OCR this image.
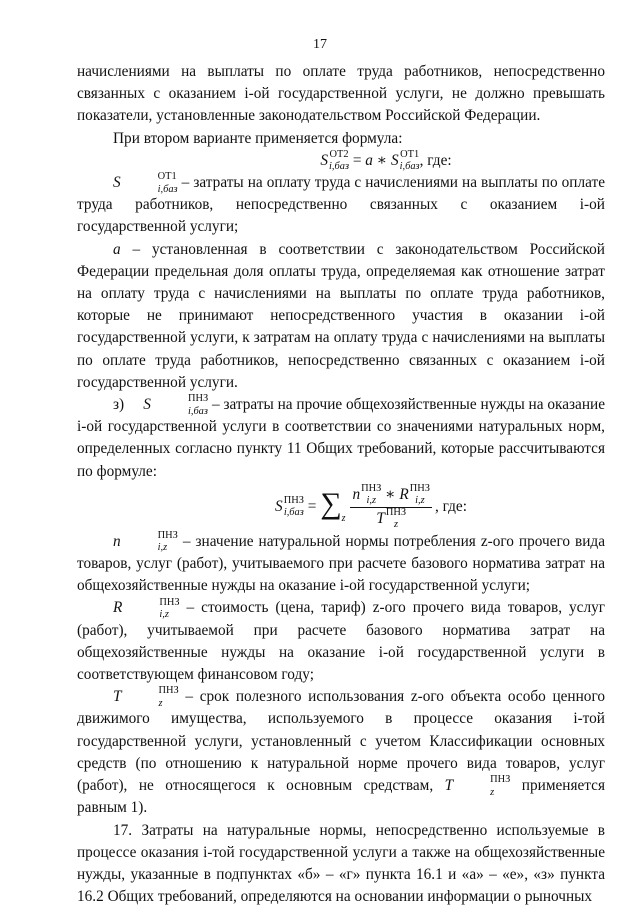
17

начислениями на выплаты по оплате труда работников, непосредственно связанных с оказанием i-ой государственной услуги, не должно превышать показатели, установленные законодательством Российской Федерации.

При втором варианте применяется формула:

S ОТ2
i,баз = a ∗ S ОТ1
i,баз , где:

S	ОТ1
i,баз – затраты на оплату труда с начислениями на выплаты по оплате труда работников, непосредственно связанных с оказанием i-ой государственной услуги;

a – установленная в соответствии с законодательством Российской Федерации предельная доля оплаты труда, определяемая как отношение затрат на оплату труда с начислениями на выплаты по оплате труда работников, которые не принимают непосредственного участия в оказании i-ой государственной услуги, к затратам на оплату труда с начислениями на выплаты по оплате труда работников, непосредственно связанных с оказанием i-ой государственной услуги.

з) S	ПНЗ
i,баз – затраты на прочие общехозяйственные нужды на оказание i-ой государственной услуги в соответствии со значениями натуральных норм, определенных согласно пункту 11 Общих требований, которые рассчитываются по формуле:

S ПНЗ
$i,баз = \sum_z$ n ПНЗ
i,z ∗ R ПНЗ
i,z
T ПНЗ
z , где:

n	ПНЗ
i,z – значение натуральной нормы потребления z-ого прочего вида товаров, услуг (работ), учитываемого при расчете базового норматива затрат на общехозяйственные нужды на оказание i-ой государственной услуги;

R	ПНЗ
i,z – стоимость (цена, тариф) z-ого прочего вида товаров, услуг (работ), учитываемой при расчете базового норматива затрат на общехозяйственные нужды на оказание i-ой государственной услуги в соответствующем финансовом году;

T	ПНЗ
z	– срок полезного использования z-ого объекта особо ценного движимого имущества, используемого в процессе оказания i-той государственной услуги, установленный с учетом Классификации основных средств (по отношению к натуральной норме прочего вида товаров, услуг (работ), не относящегося к основным средствам, T	ПНЗ
z	применяется равным 1).

17. Затраты на натуральные нормы, непосредственно используемые в процессе оказания i-той государственной услуги а также на общехозяйственные нужды, указанные в подпунктах «б» – «г» пункта 16.1 и «а» – «е», «з» пункта 16.2 Общих требований, определяются на основании информации о рыночных
